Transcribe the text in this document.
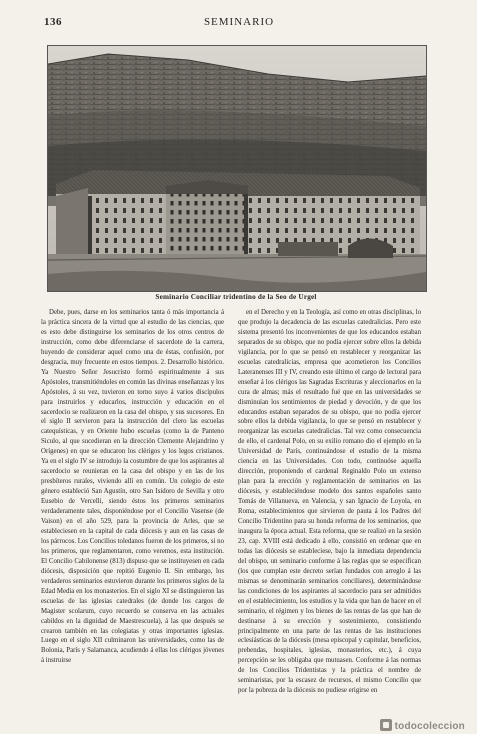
136	SEMINARIO
Seminario Conciliar tridentino de la Seo de Urgel

Debe, pues, darse en los seminarios tanta ó más importancia á la práctica sincera de la virtud que al estudio de las ciencias, que es esto debe distinguirse los seminarios de los otros centros de instrucción, como debe diferenciarse el sacerdote de la carrera, huyendo de considerar aquel como una de éstas, confusión, por desgracia, muy frecuente en estos tiempos. 2. Desarrollo histórico. Ya Nuestro Señor Jesucristo formó espiritualmente á sus Apóstoles, transmitiéndoles en común las divinas enseñanzas y los Apóstoles, á su vez, tuvieron en torno suyo á varios discípulos para instruirlos y educarlos, instrucción y educación en el sacerdocio se realizaron en la casa del obispo, y sus sucesores. En el siglo II servieron para la instrucción del clero las escuelas catequísticas, y en Oriente hubo escuelas (como la de Panteno Siculo, al que sucedieran en la dirección Clemente Alejandrino y Orígenes) en que se educaron los clérigos y los legos cristianos. Ya en el siglo IV se introdujo la costumbre de que los aspirantes al sacerdocio se reunieran en la casa del obispo y en las de los presbíteros rurales, viviendo allí en común. Un colegio de este género estableció San Agustín, otro San Isidoro de Sevilla y otro Eusebio de Vercelli, siendo éstos los primeros seminarios verdaderamente tales, disponiéndose por el Concilio Vasense (de Vaison) en el año 529, para la provincia de Arles, que se estableciesen en la capital de cada diócesis y aun en las casas de los párrocos. Los Concilios toledanos fueron de los primeros, si no los primeros, que reglamentaron, como veremos, esta institución. El Concilio Cabilonense (813) dispuso que se instituyesen en cada diócesis, disposición que repitió Eugenio II. Sin embargo, los verdaderos seminarios estuvieron durante los primeros siglos de la Edad Media en los monasterios. En el siglo XI se distinguieron las escuelas de las iglesias catedrales (de donde los cargos de Magister scolarum, cuyo recuerdo se conserva en las actuales cabildos en la dignidad de Maestrescuela), á las que después se crearon también en las colegiatas y otras importantes iglesias. Luego en el siglo XII culminaron las universidades, como las de Bolonia, París y Salamanca, acudiendo á ellas los clérigos jóvenes á instruirse

en el Derecho y en la Teología, así como en otras disciplinas, lo que produjo la decadencia de las escuelas catedralicias. Pero este sistema presentó los inconvenientes de que los educandos estaban separados de su obispo, que no podía ejercer sobre ellos la debida vigilancia, por lo que se pensó en restablecer y reorganizar las escuelas catedralicias, empresa que acometieron los Concilios Lateranenses III y IV, creando este último el cargo de lectoral para enseñar á los clérigos las Sagradas Escrituras y aleccionarlos en la cura de almas; más el resultado fué que en las universidades se disminuían los sentimientos de piedad y devoción, y de que los educandos estaban separados de su obispo, que no podía ejercer sobre ellos la debida vigilancia, lo que se pensó en restablecer y reorganizar las escuelas catedralicias. Tal vez como consecuencia de ello, el cardenal Polo, en su exilio romano dio el ejemplo en la Universidad de París, continuándose el estudio de la misma ciencia en las Universidades. Con todo, continuóse aquella dirección, proponiendo el cardenal Reginaldo Polo un extenso plan para la erección y reglamentación de seminarios en las diócesis, y estableciéndose modelo dos santos españoles santo Tomás de Villanueva, en Valencia, y san Ignacio de Loyola, en Roma, establecimientos que sirvieron de pauta á los Padres del Concilio Tridentino para su honda reforma de los seminarios, que inaugura la época actual. Esta reforma, que se realizó en la sesión 23, cap. XVIII está dedicado á ello, consistió en ordenar que en todas las diócesis se estableciese, bajo la inmediata dependencia del obispo, un seminario conforme á las reglas que se especifican (los que cumplan este decreto serían fundados con arreglo á las mismas se denominarán seminarios conciliares), determinándose las condiciones de los aspirantes al sacerdocio para ser admitidos en el establecimiento, los estudios y la vida que han de hacer en el seminario, el régimen y los bienes de las rentas de las que han de destinarse á su erección y sostenimiento, consistiendo principalmente en una parte de las rentas de las instituciones eclesiásticas de la diócesis (mesa episcopal y capitular, beneficios, prebendas, hospitales, iglesias, monasterios, etc.), á cuya percepción se les obligaba que mutuasen. Conforme á las normas de los Concilios Tridentistas y la práctica el nombre de seminaristas, por la escasez de recursos, el mismo Concilio que por la pobreza de la diócesis no pudiese erigirse en

todocoleccion
